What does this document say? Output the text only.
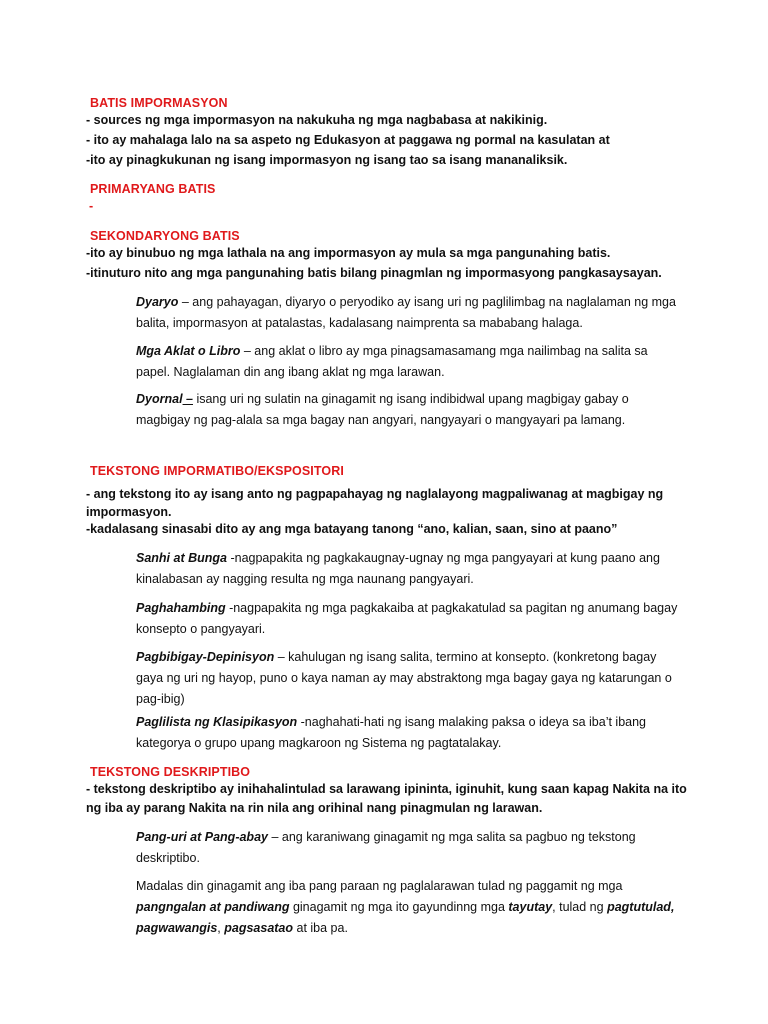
BATIS IMPORMASYON
- sources ng mga impormasyon na nakukuha ng mga nagbabasa at nakikinig.
- ito ay mahalaga lalo na sa aspeto ng Edukasyon at paggawa ng pormal na kasulatan at
-ito ay pinagkukunan ng isang impormasyon ng isang tao sa isang mananaliksik.
PRIMARYANG BATIS
-
SEKONDARYONG BATIS
-ito ay binubuo ng mga lathala na ang impormasyon ay mula sa mga pangunahing batis.
-itinuturo nito ang mga pangunahing batis bilang pinagmlan ng impormasyong pangkasaysayan.

Dyaryo – ang pahayagan, diyaryo o peryodiko ay isang uri ng paglilimbag na naglalaman ng mga

balita, impormasyon at patalastas, kadalasang naimprenta sa mababang halaga.

Mga Aklat o Libro – ang aklat o libro ay mga pinagsamasamang mga nailimbag na salita sa

papel. Naglalaman din ang ibang aklat ng mga larawan.

Dyornal – isang uri ng sulatin na ginagamit ng isang indibidwal upang magbigay gabay o

magbigay ng pag-alala sa mga bagay nan angyari, nangyayari o mangyayari pa lamang.

TEKSTONG IMPORMATIBO/EKSPOSITORI
- ang tekstong ito ay isang anto ng pagpapahayag ng naglalayong magpaliwanag at magbigay ng
impormasyon.
-kadalasang sinasabi dito ay ang mga batayang tanong “ano, kalian, saan, sino at paano”

Sanhi at Bunga -nagpapakita ng pagkakaugnay-ugnay ng mga pangyayari at kung paano ang

kinalabasan ay nagging resulta ng mga naunang pangyayari.

Paghahambing -nagpapakita ng mga pagkakaiba at pagkakatulad sa pagitan ng anumang bagay

konsepto o pangyayari.

Pagbibigay-Depinisyon – kahulugan ng isang salita, termino at konsepto. (konkretong bagay

gaya ng uri ng hayop, puno o kaya naman ay may abstraktong mga bagay gaya ng katarungan o

pag-ibig)

Paglilista ng Klasipikasyon -naghahati-hati ng isang malaking paksa o ideya sa iba’t ibang

kategorya o grupo upang magkaroon ng Sistema ng pagtatalakay.

TEKSTONG DESKRIPTIBO
- tekstong deskriptibo ay inihahalintulad sa larawang ipininta, iginuhit, kung saan kapag Nakita na ito
ng iba ay parang Nakita na rin nila ang orihinal nang pinagmulan ng larawan.

Pang-uri at Pang-abay – ang karaniwang ginagamit ng mga salita sa pagbuo ng tekstong

deskriptibo.

Madalas din ginagamit ang iba pang paraan ng paglalarawan tulad ng paggamit ng mga

pangngalan at pandiwang ginagamit ng mga ito gayundinng mga tayutay, tulad ng pagtutulad,

pagwawangis, pagsasatao at iba pa.
